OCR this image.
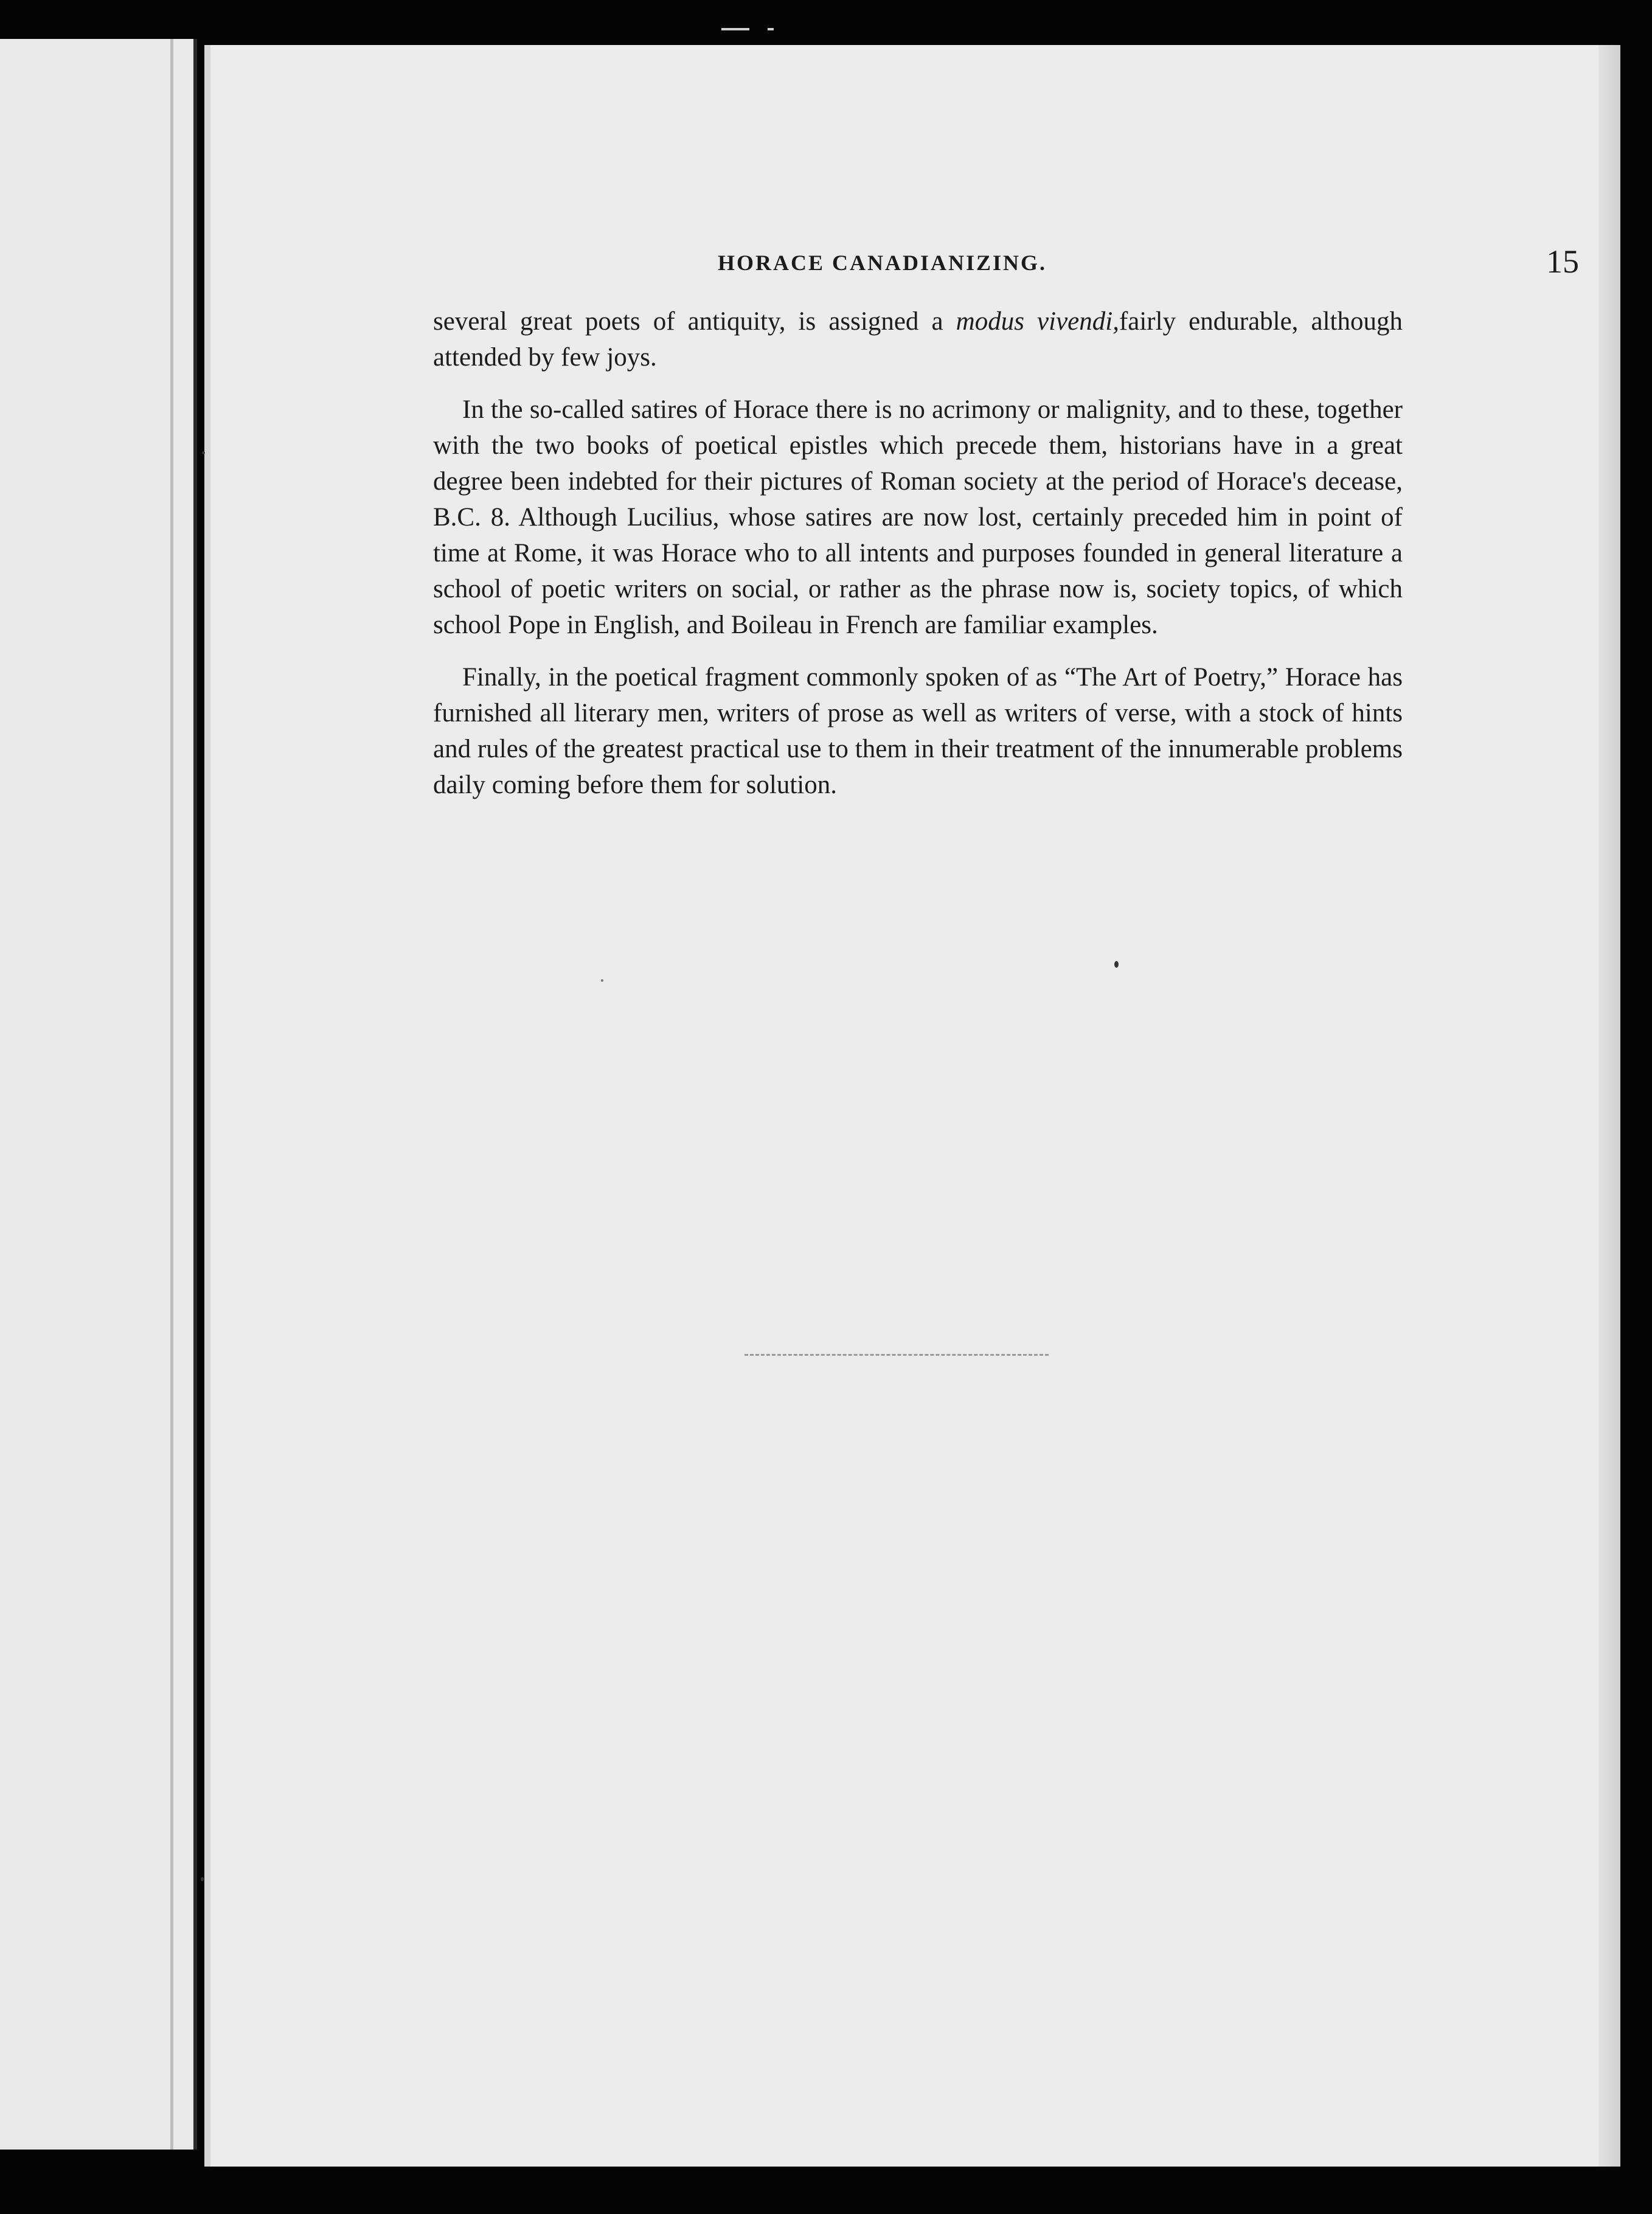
HORACE CANADIANIZING.	15

several great poets of antiquity, is assigned a modus vivendi,fairly endurable, although attended by few joys.

In the so-called satires of Horace there is no acrimony or malignity, and to these, together with the two books of poetical epistles which precede them, historians have in a great degree been indebted for their pictures of Roman society at the period of Horace's decease, B.C. 8. Although Lucilius, whose satires are now lost, certainly preceded him in point of time at Rome, it was Horace who to all intents and purposes founded in general literature a school of poetic writers on social, or rather as the phrase now is, society topics, of which school Pope in English, and Boileau in French are familiar examples.

Finally, in the poetical fragment commonly spoken of as “The Art of Poetry,” Horace has furnished all literary men, writers of prose as well as writers of verse, with a stock of hints and rules of the greatest practical use to them in their treatment of the innumerable problems daily coming before them for solution.
